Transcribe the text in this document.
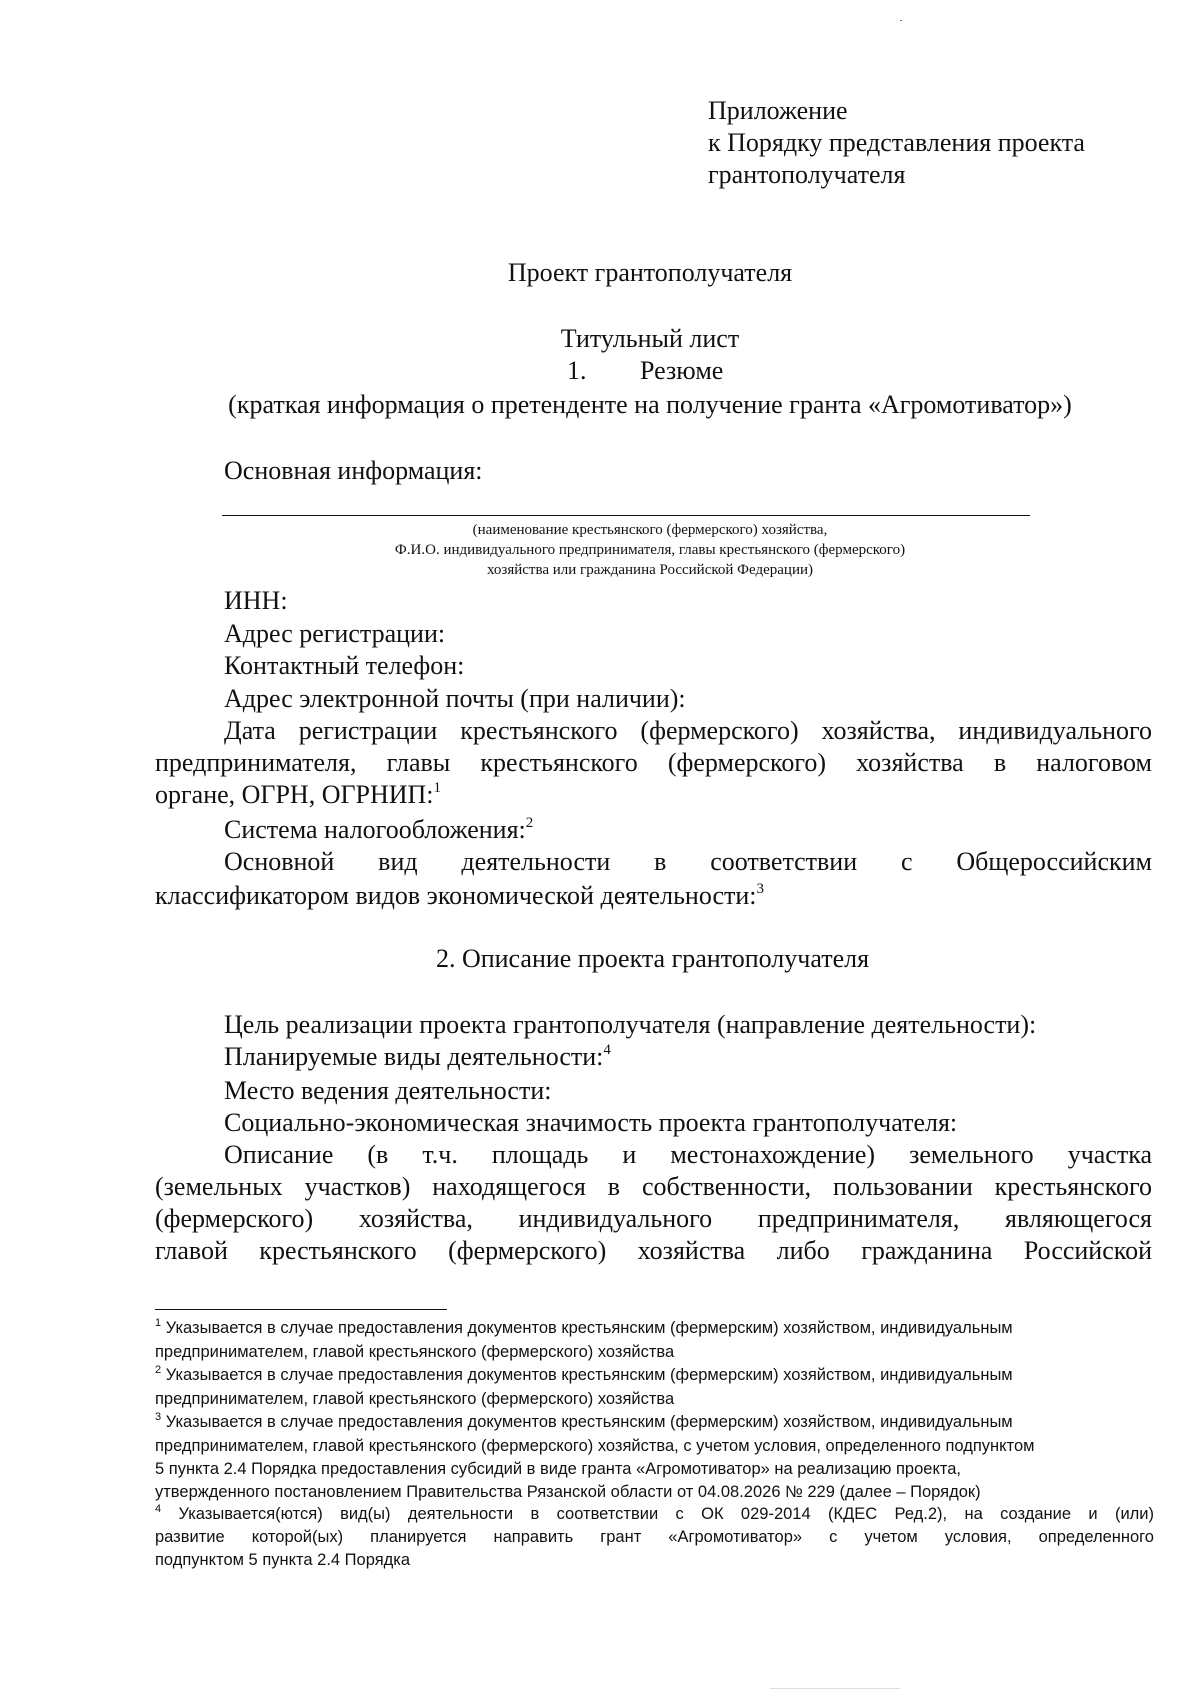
Приложение

к Порядку представления проекта

грантополучателя

Проект грантополучателя

Титульный лист

1. Резюме

(краткая информация о претенденте на получение гранта «Агромотиватор»)

Основная информация:

(наименование крестьянского (фермерского) хозяйства,

Ф.И.О. индивидуального предпринимателя, главы крестьянского (фермерского)

хозяйства или гражданина Российской Федерации)

ИНН:

Адрес регистрации:

Контактный телефон:

Адрес электронной почты (при наличии):

Дата регистрации крестьянского (фермерского) хозяйства, индивидуального

предпринимателя, главы крестьянского (фермерского) хозяйства в налоговом

органе, ОГРН, ОГРНИП:$^1$

Система налогообложения:$^2$

Основной вид деятельности в соответствии с Общероссийским

классификатором видов экономической деятельности:$^3$

2. Описание проекта грантополучателя

Цель реализации проекта грантополучателя (направление деятельности):

Планируемые виды деятельности:$^4$

Место ведения деятельности:

Социально-экономическая значимость проекта грантополучателя:

Описание (в т.ч. площадь и местонахождение) земельного участка

(земельных участков) находящегося в собственности, пользовании крестьянского

(фермерского) хозяйства, индивидуального предпринимателя, являющегося

главой крестьянского (фермерского) хозяйства либо гражданина Российской

$^1$ Указывается в случае предоставления документов крестьянским (фермерским) хозяйством, индивидуальным

предпринимателем, главой крестьянского (фермерского) хозяйства

$^2$ Указывается в случае предоставления документов крестьянским (фермерским) хозяйством, индивидуальным

предпринимателем, главой крестьянского (фермерского) хозяйства

$^3$ Указывается в случае предоставления документов крестьянским (фермерским) хозяйством, индивидуальным

предпринимателем, главой крестьянского (фермерского) хозяйства, с учетом условия, определенного подпунктом

5 пункта 2.4 Порядка предоставления субсидий в виде гранта «Агромотиватор» на реализацию проекта,

утвержденного постановлением Правительства Рязанской области от 04.08.2026 № 229 (далее – Порядок)

$^4$ Указывается(ются) вид(ы) деятельности в соответствии с ОК 029-2014 (КДЕС Ред.2), на создание и (или)

развитие которой(ых) планируется направить грант «Агромотиватор» с учетом условия, определенного

подпунктом 5 пункта 2.4 Порядка
